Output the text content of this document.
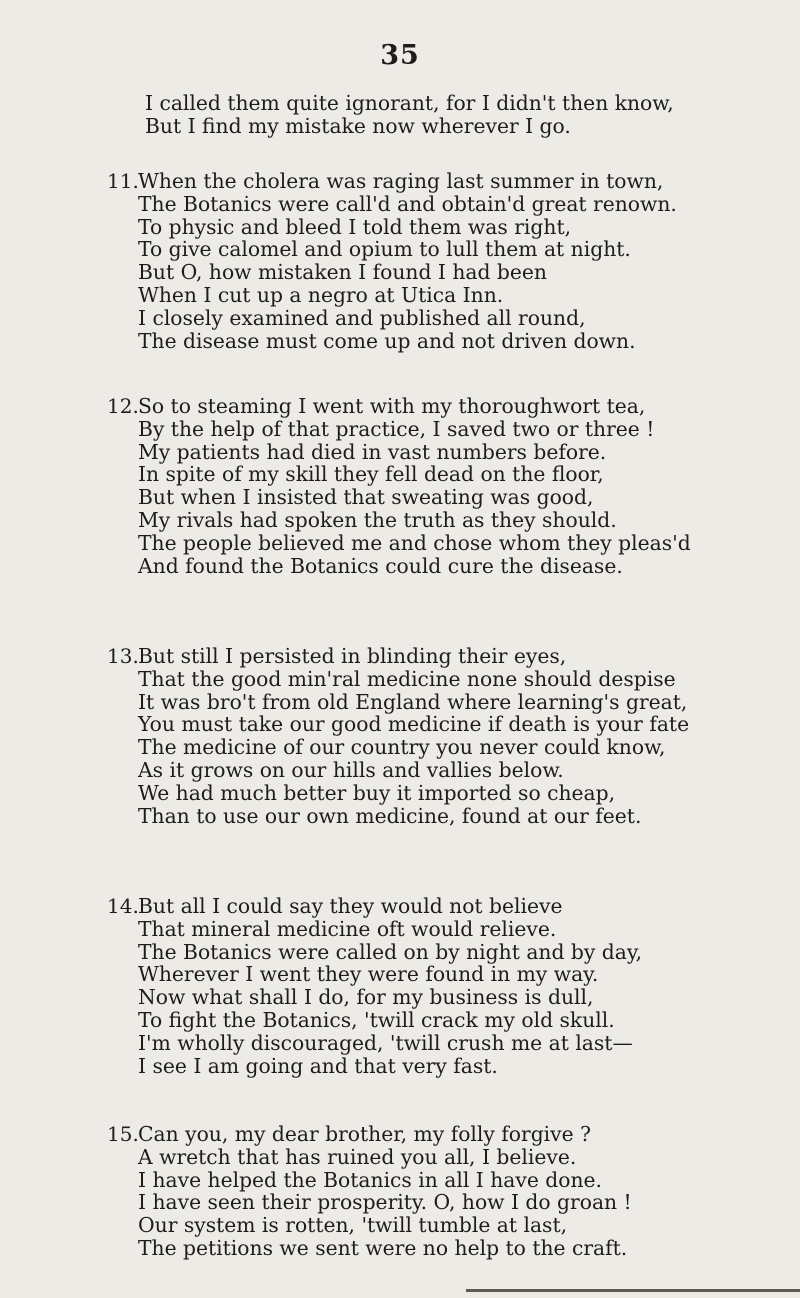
35
I called them quite ignorant, for I didn't then know,
But I find my mistake now wherever I go.
11. When the cholera was raging last summer in town,
The Botanics were call'd and obtain'd great renown.
To physic and bleed I told them was right,
To give calomel and opium to lull them at night.
But O, how mistaken I found I had been
When I cut up a negro at Utica Inn.
I closely examined and published all round,
The disease must come up and not driven down.
12. So to steaming I went with my thoroughwort tea,
By the help of that practice, I saved two or three !
My patients had died in vast numbers before.
In spite of my skill they fell dead on the floor,
But when I insisted that sweating was good,
My rivals had spoken the truth as they should.
The people believed me and chose whom they pleas'd
And found the Botanics could cure the disease.
13. But still I persisted in blinding their eyes,
That the good min'ral medicine none should despise
It was bro't from old England where learning's great,
You must take our good medicine if death is your fate
The medicine of our country you never could know,
As it grows on our hills and vallies below.
We had much better buy it imported so cheap,
Than to use our own medicine, found at our feet.
14. But all I could say they would not believe
That mineral medicine oft would relieve.
The Botanics were called on by night and by day,
Wherever I went they were found in my way.
Now what shall I do, for my business is dull,
To fight the Botanics, 'twill crack my old skull.
I'm wholly discouraged, 'twill crush me at last—
I see I am going and that very fast.
15. Can you, my dear brother, my folly forgive ?
A wretch that has ruined you all, I believe.
I have helped the Botanics in all I have done.
I have seen their prosperity. O, how I do groan !
Our system is rotten, 'twill tumble at last,
The petitions we sent were no help to the craft.
